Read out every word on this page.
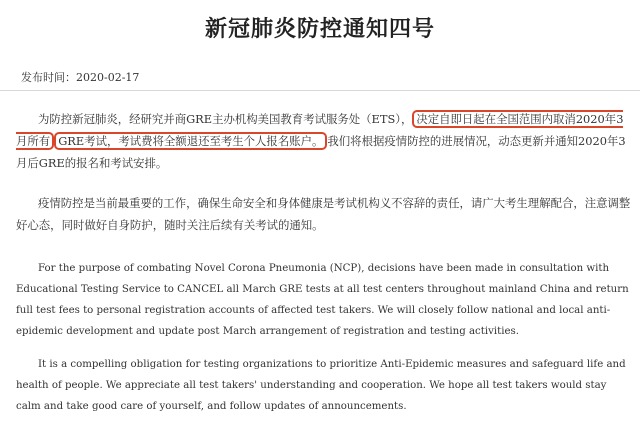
新冠肺炎防控通知四号
发布时间：2020-02-17

为防控新冠肺炎，经研究并商GRE主办机构美国教育考试服务处（ETS）， 决定自即日起在全国范围内取消2020年3月所有 GRE考试，考试费将全额退还至考生个人报名账户。 我们将根据疫情防控的进展情况，动态更新并通知2020年3月后GRE的报名和考试安排。

疫情防控是当前最重要的工作，确保生命安全和身体健康是考试机构义不容辞的责任，请广大考生理解配合，注意调整好心态，同时做好自身防护，随时关注后续有关考试的通知。

For the purpose of combating Novel Corona Pneumonia (NCP), decisions have been made in consultation with Educational Testing Service to CANCEL all March GRE tests at all test centers throughout mainland China and return full test fees to personal registration accounts of affected test takers. We will closely follow national and local anti-epidemic development and update post March arrangement of registration and testing activities.

It is a compelling obligation for testing organizations to prioritize Anti-Epidemic measures and safeguard life and health of people. We appreciate all test takers' understanding and cooperation. We hope all test takers would stay calm and take good care of yourself, and follow updates of announcements.
